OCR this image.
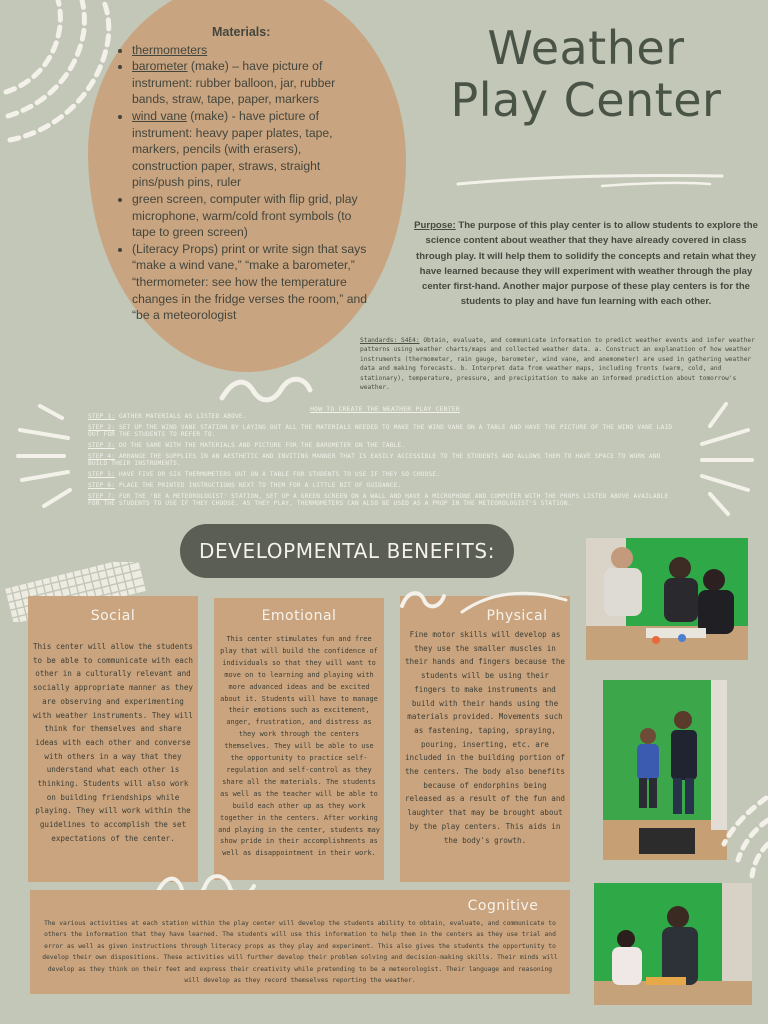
Materials:
• thermometers
• barometer (make) – have picture of instrument: rubber balloon, jar, rubber bands, straw, tape, paper, markers
• wind vane (make) - have picture of instrument: heavy paper plates, tape, markers, pencils (with erasers), construction paper, straws, straight pins/push pins, ruler
• green screen, computer with flip grid, play microphone, warm/cold front symbols (to tape to green screen)
• (Literacy Props) print or write sign that says “make a wind vane,” “make a barometer,” “thermometer: see how the temperature changes in the fridge verses the room,” and “be a meteorologist
Weather
Play Center
Purpose: The purpose of this play center is to allow students to explore the science content about weather that they have already covered in class through play. It will help them to solidify the concepts and retain what they have learned because they will experiment with weather through the play center first-hand. Another major purpose of these play centers is for the students to play and have fun learning with each other.
Standards: S4E4: Obtain, evaluate, and communicate information to predict weather events and infer weather patterns using weather charts/maps and collected weather data. a. Construct an explanation of how weather instruments (thermometer, rain gauge, barometer, wind vane, and anemometer) are used in gathering weather data and making forecasts. b. Interpret data from weather maps, including fronts (warm, cold, and stationary), temperature, pressure, and precipitation to make an informed prediction about tomorrow's weather.
HOW TO CREATE THE WEATHER PLAY CENTER

STEP 1: GATHER MATERIALS AS LISTED ABOVE.

STEP 2: SET UP THE WIND VANE STATION BY LAYING OUT ALL THE MATERIALS NEEDED TO MAKE THE WIND VANE ON A TABLE AND HAVE THE PICTURE OF THE WIND VANE LAID OUT FOR THE STUDENTS TO REFER TO.

STEP 3: DO THE SAME WITH THE MATERIALS AND PICTURE FOR THE BAROMETER ON THE TABLE.

STEP 4: ARRANGE THE SUPPLIES IN AN AESTHETIC AND INVITING MANNER THAT IS EASILY ACCESSIBLE TO THE STUDENTS AND ALLOWS THEM TO HAVE SPACE TO WORK AND BUILD THEIR INSTRUMENTS.

STEP 5: HAVE FIVE OR SIX THERMOMETERS OUT ON A TABLE FOR STUDENTS TO USE IF THEY SO CHOOSE.

STEP 6: PLACE THE PRINTED INSTRUCTIONS NEXT TO THEM FOR A LITTLE BIT OF GUIDANCE.

STEP 7: FOR THE 'BE A METEOROLOGIST' STATION, SET UP A GREEN SCREEN ON A WALL AND HAVE A MICROPHONE AND COMPUTER WITH THE PROPS LISTED ABOVE AVAILABLE FOR THE STUDENTS TO USE IF THEY CHOOSE. AS THEY PLAY, THERMOMETERS CAN ALSO BE USED AS A PROP IN THE METEOROLOGIST'S STATION.

DEVELOPMENTAL BENEFITS:
Social
This center will allow the students to be able to communicate with each other in a culturally relevant and socially appropriate manner as they are observing and experimenting with weather instruments. They will think for themselves and share ideas with each other and converse with others in a way that they understand what each other is thinking. Students will also work on building friendships while playing. They will work within the guidelines to accomplish the set expectations of the center.
Emotional
This center stimulates fun and free play that will build the confidence of individuals so that they will want to move on to learning and playing with more advanced ideas and be excited about it. Students will have to manage their emotions such as excitement, anger, frustration, and distress as they work through the centers themselves. They will be able to use the opportunity to practice self-regulation and self-control as they share all the materials. The students as well as the teacher will be able to build each other up as they work together in the centers. After working and playing in the center, students may show pride in their accomplishments as well as disappointment in their work.
Physical
Fine motor skills will develop as they use the smaller muscles in their hands and fingers because the students will be using their fingers to make instruments and build with their hands using the materials provided. Movements such as fastening, taping, spraying, pouring, inserting, etc. are included in the building portion of the centers. The body also benefits because of endorphins being released as a result of the fun and laughter that may be brought about by the play centers. This aids in the body's growth.
Cognitive
The various activities at each station within the play center will develop the students ability to obtain, evaluate, and communicate to others the information that they have learned. The students will use this information to help them in the centers as they use trial and error as well as given instructions through literacy props as they play and experiment. This also gives the students the opportunity to develop their own dispositions. These activities will further develop their problem solving and decision-making skills. Their minds will develop as they think on their feet and express their creativity while pretending to be a meteorologist. Their language and reasoning will develop as they record themselves reporting the weather.
